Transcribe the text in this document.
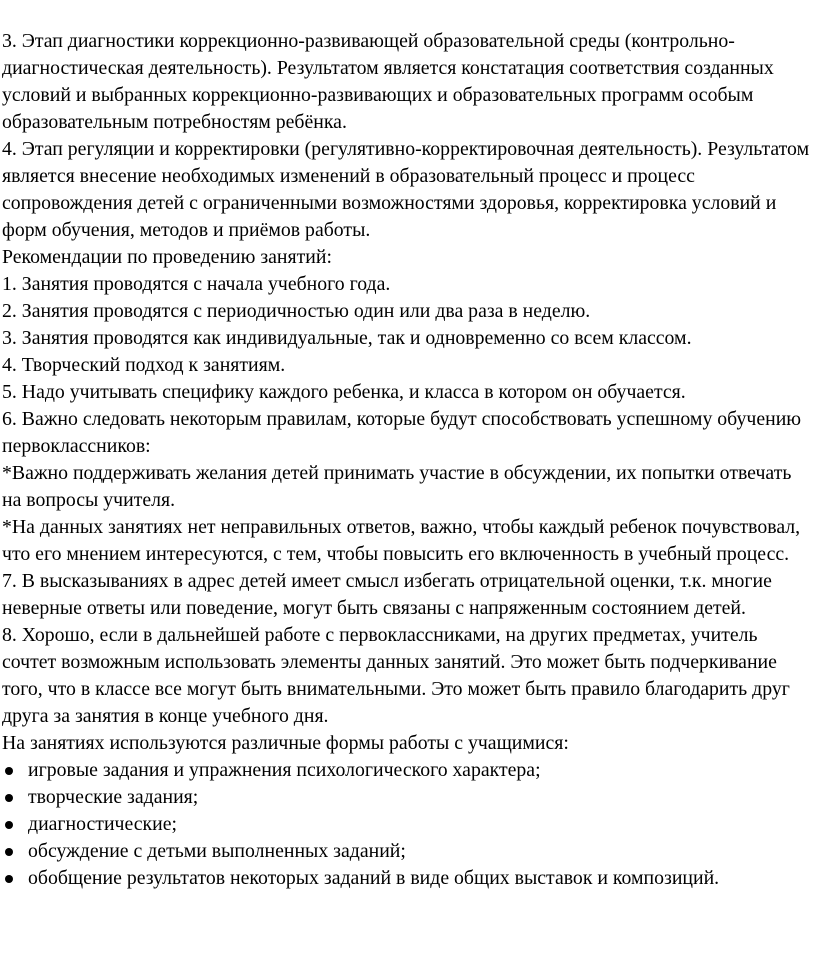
3. Этап диагностики коррекционно-развивающей образовательной среды (контрольно-диагностическая деятельность). Результатом является констатация соответствия созданных условий и выбранных коррекционно-развивающих и образовательных программ особым образовательным потребностям ребёнка.

4. Этап регуляции и корректировки (регулятивно-корректировочная деятельность). Результатом является внесение необходимых изменений в образовательный процесс и процесс сопровождения детей с ограниченными возможностями здоровья, корректировка условий и форм обучения, методов и приёмов работы.

Рекомендации по проведению занятий:

1. Занятия проводятся с начала учебного года.

2. Занятия проводятся с периодичностью один или два раза в неделю.

3. Занятия проводятся как индивидуальные, так и одновременно со всем классом.

4. Творческий подход к занятиям.

5. Надо учитывать специфику каждого ребенка, и класса в котором он обучается.

6. Важно следовать некоторым правилам, которые будут способствовать успешному обучению первоклассников:

*Важно поддерживать желания детей принимать участие в обсуждении, их попытки отвечать на вопросы учителя.

*На данных занятиях нет неправильных ответов, важно, чтобы каждый ребенок почувствовал, что его мнением интересуются, с тем, чтобы повысить его включенность в учебный процесс.

7. В высказываниях в адрес детей имеет смысл избегать отрицательной оценки, т.к. многие неверные ответы или поведение, могут быть связаны с напряженным состоянием детей.

8. Хорошо, если в дальнейшей работе с первоклассниками, на других предметах, учитель сочтет возможным использовать элементы данных занятий. Это может быть подчеркивание того, что в классе все могут быть внимательными. Это может быть правило благодарить друг друга за занятия в конце учебного дня.

На занятиях используются различные формы работы с учащимися:

игровые задания и упражнения психологического характера;
творческие задания;
диагностические;
обсуждение с детьми выполненных заданий;
обобщение результатов некоторых заданий в виде общих выставок и композиций.
